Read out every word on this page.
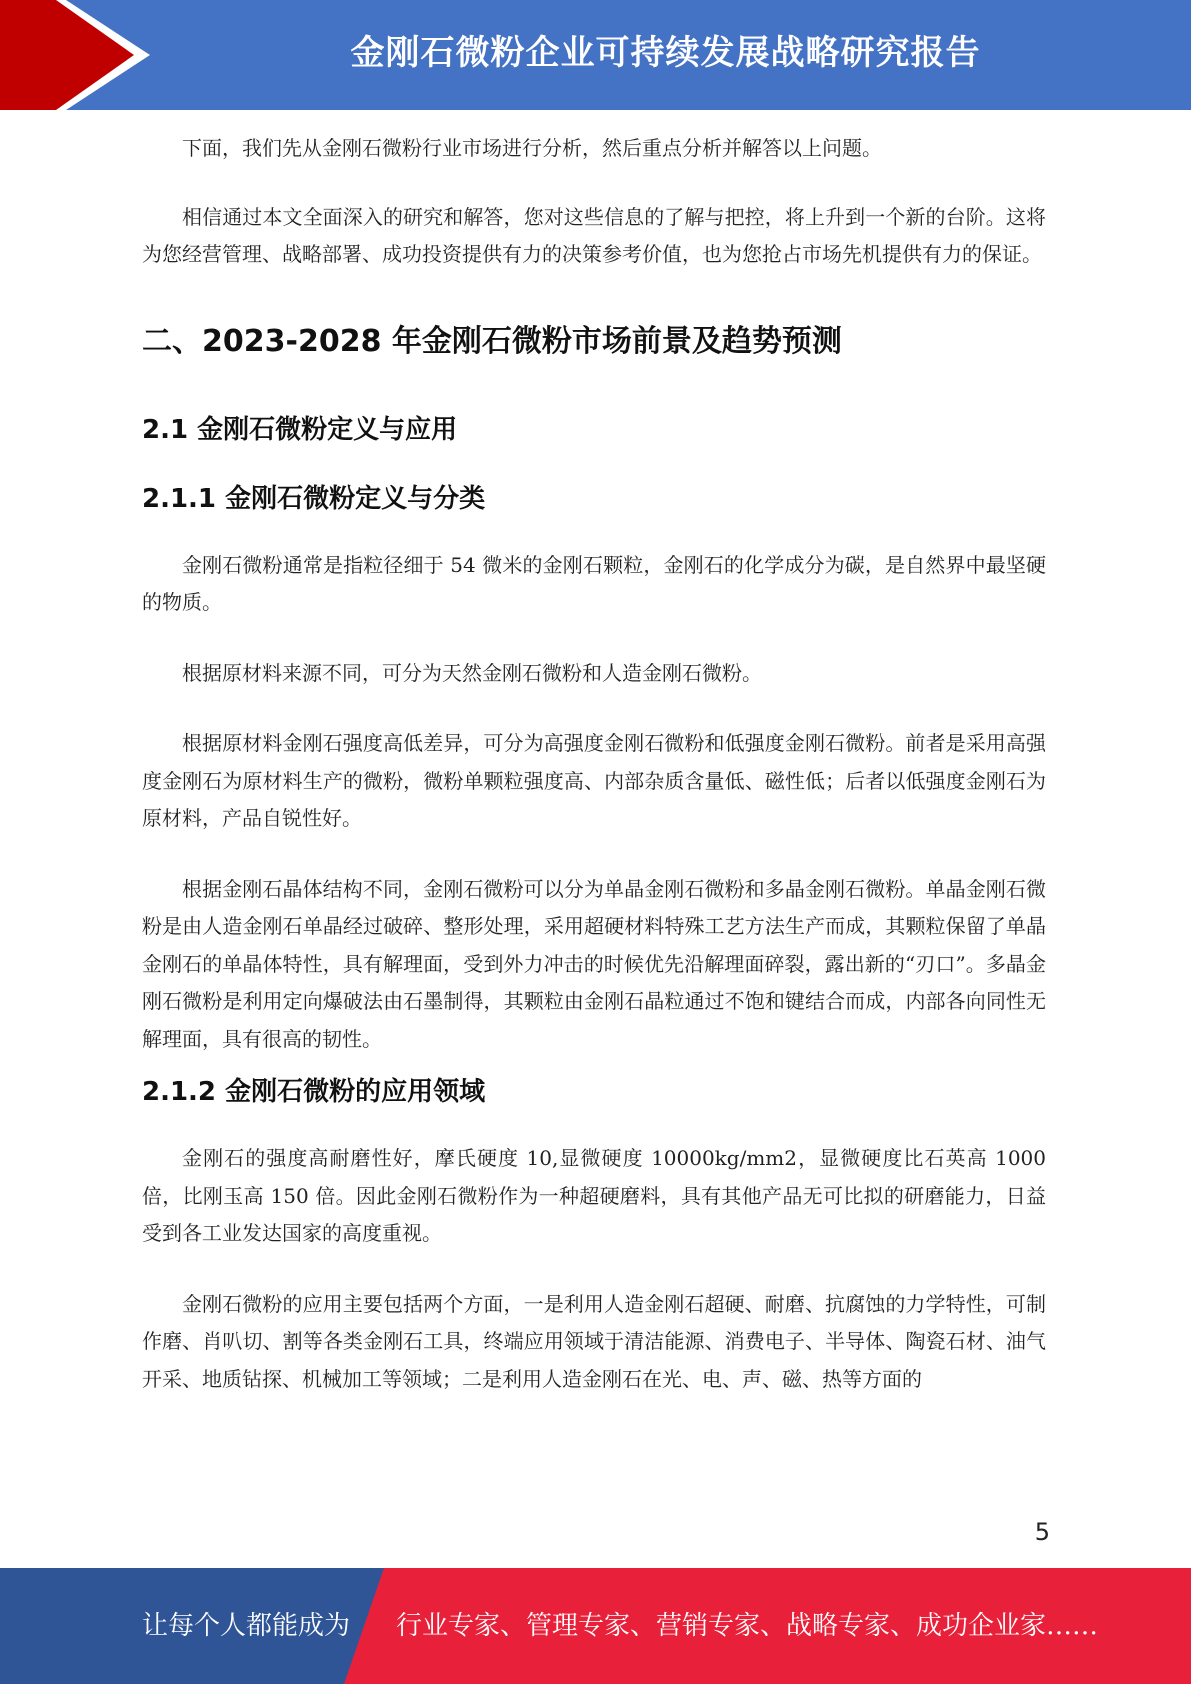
金刚石微粉企业可持续发展战略研究报告

下面，我们先从金刚石微粉行业市场进行分析，然后重点分析并解答以上问题。

相信通过本文全面深入的研究和解答，您对这些信息的了解与把控，将上升到一个新的台阶。这将为您经营管理、战略部署、成功投资提供有力的决策参考价值，也为您抢占市场先机提供有力的保证。

二、2023-2028 年金刚石微粉市场前景及趋势预测
2.1 金刚石微粉定义与应用
2.1.1 金刚石微粉定义与分类

金刚石微粉通常是指粒径细于 54 微米的金刚石颗粒，金刚石的化学成分为碳，是自然界中最坚硬的物质。

根据原材料来源不同，可分为天然金刚石微粉和人造金刚石微粉。

根据原材料金刚石强度高低差异，可分为高强度金刚石微粉和低强度金刚石微粉。前者是采用高强度金刚石为原材料生产的微粉，微粉单颗粒强度高、内部杂质含量低、磁性低；后者以低强度金刚石为原材料，产品自锐性好。

根据金刚石晶体结构不同，金刚石微粉可以分为单晶金刚石微粉和多晶金刚石微粉。单晶金刚石微粉是由人造金刚石单晶经过破碎、整形处理，采用超硬材料特殊工艺方法生产而成，其颗粒保留了单晶金刚石的单晶体特性，具有解理面，受到外力冲击的时候优先沿解理面碎裂，露出新的“刃口”。多晶金刚石微粉是利用定向爆破法由石墨制得，其颗粒由金刚石晶粒通过不饱和键结合而成，内部各向同性无解理面，具有很高的韧性。

2.1.2 金刚石微粉的应用领域

金刚石的强度高耐磨性好，摩氏硬度 10,显微硬度 10000kg/mm2，显微硬度比石英高 1000 倍，比刚玉高 150 倍。因此金刚石微粉作为一种超硬磨料，具有其他产品无可比拟的研磨能力，日益受到各工业发达国家的高度重视。

金刚石微粉的应用主要包括两个方面，一是利用人造金刚石超硬、耐磨、抗腐蚀的力学特性，可制作磨、肖叭切、割等各类金刚石工具，终端应用领域于清洁能源、消费电子、半导体、陶瓷石材、油气开采、地质钻探、机械加工等领域；二是利用人造金刚石在光、电、声、磁、热等方面的

5
让每个人都能成为 行业专家、管理专家、营销专家、战略专家、成功企业家……
